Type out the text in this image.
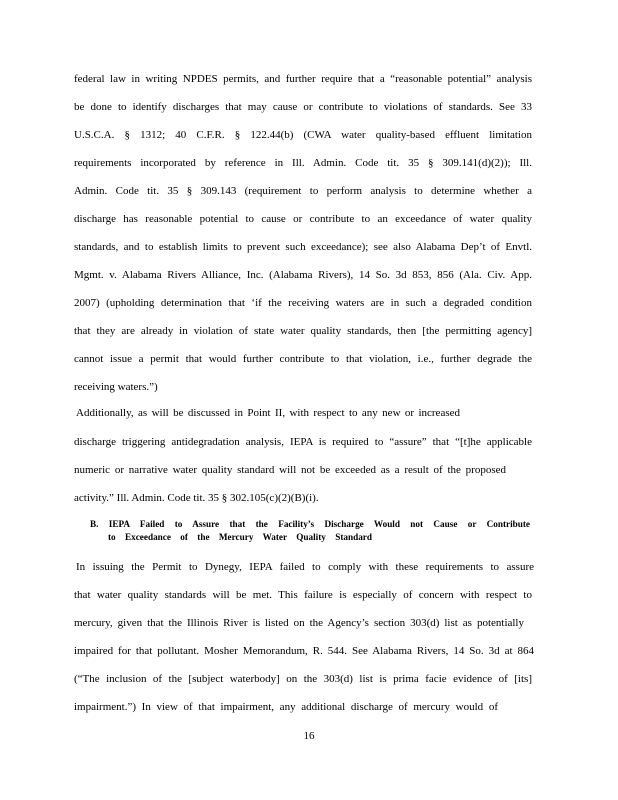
federal law in writing NPDES permits, and further require that a “reasonable potential” analysis
be done to identify discharges that may cause or contribute to violations of standards. See 33
U.S.C.A. § 1312; 40 C.F.R. § 122.44(b) (CWA water quality-based effluent limitation
requirements incorporated by reference in Ill. Admin. Code tit. 35 § 309.141(d)(2)); Ill.
Admin. Code tit. 35 § 309.143 (requirement to perform analysis to determine whether a
discharge has reasonable potential to cause or contribute to an exceedance of water quality
standards, and to establish limits to prevent such exceedance); see also Alabama Dep’t of Envtl.
Mgmt. v. Alabama Rivers Alliance, Inc. (Alabama Rivers), 14 So. 3d 853, 856 (Ala. Civ. App.
2007) (upholding determination that ‘if the receiving waters are in such a degraded condition
that they are already in violation of state water quality standards, then [the permitting agency]
cannot issue a permit that would further contribute to that violation, i.e., further degrade the
receiving waters.”)
Additionally, as will be discussed in Point II, with respect to any new or increased
discharge triggering antidegradation analysis, IEPA is required to “assure” that “[t]he applicable
numeric or narrative water quality standard will not be exceeded as a result of the proposed
activity.” Ill. Admin. Code tit. 35 § 302.105(c)(2)(B)(i).
B. IEPA Failed to Assure that the Facility’s Discharge Would not Cause or Contribute
to Exceedance of the Mercury Water Quality Standard
In issuing the Permit to Dynegy, IEPA failed to comply with these requirements to assure
that water quality standards will be met. This failure is especially of concern with respect to
mercury, given that the Illinois River is listed on the Agency’s section 303(d) list as potentially
impaired for that pollutant. Mosher Memorandum, R. 544. See Alabama Rivers, 14 So. 3d at 864
(“The inclusion of the [subject waterbody] on the 303(d) list is prima facie evidence of [its]
impairment.”) In view of that impairment, any additional discharge of mercury would of
16
